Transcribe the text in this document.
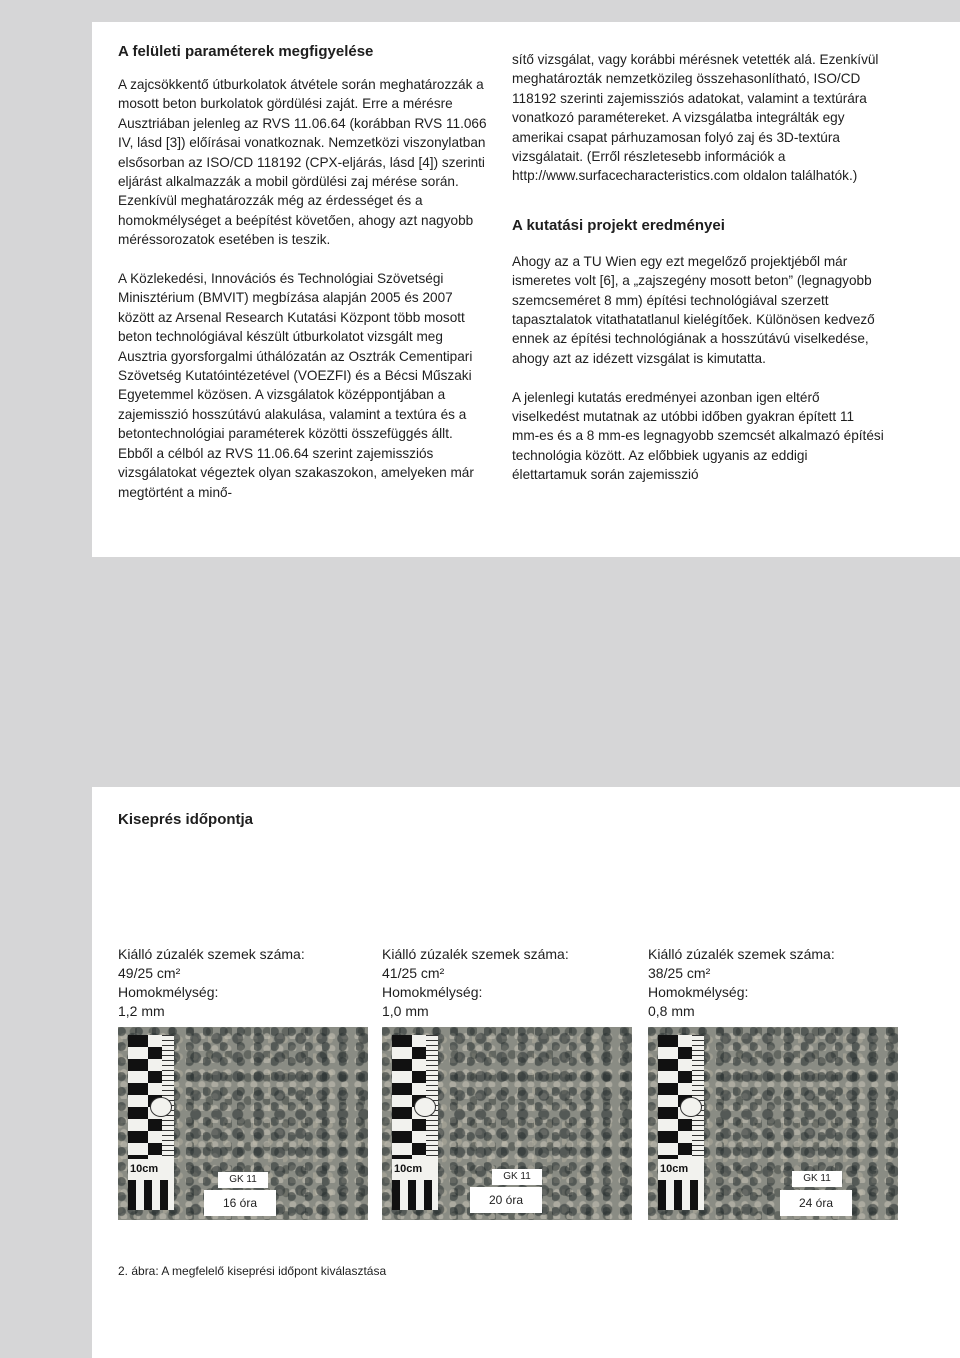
A felületi paraméterek megfigyelése

A zajcsökkentő útburkolatok átvétele során meghatározzák a mosott beton burkolatok gördülési zaját. Erre a mérésre Ausztriában jelenleg az RVS 11.06.64 (korábban RVS 11.066 IV, lásd [3]) előírásai vonatkoznak. Nemzetközi viszonylatban elsősorban az ISO/CD 118192 (CPX-eljárás, lásd [4]) szerinti eljárást alkalmazzák a mobil gördülési zaj mérése során. Ezenkívül meghatározzák még az érdességet és a homokmélységet a beépítést követően, ahogy azt nagyobb méréssorozatok esetében is teszik.

A Közlekedési, Innovációs és Technológiai Szövetségi Minisztérium (BMVIT) megbízása alapján 2005 és 2007 között az Arsenal Research Kutatási Központ több mosott beton technológiával készült útburkolatot vizsgált meg Ausztria gyorsforgalmi úthálózatán az Osztrák Cementipari Szövetség Kutatóintézetével (VOEZFI) és a Bécsi Műszaki Egyetemmel közösen. A vizsgálatok középpontjában a zajemisszió hosszútávú alakulása, valamint a textúra és a betontechnológiai paraméterek közötti összefüggés állt. Ebből a célból az RVS 11.06.64 szerint zajemissziós vizsgálatokat végeztek olyan szakaszokon, amelyeken már megtörtént a minő-

sítő vizsgálat, vagy korábbi mérésnek vetették alá. Ezenkívül meghatározták nemzetközileg összehasonlítható, ISO/CD 118192 szerinti zajemissziós adatokat, valamint a textúrára vonatkozó paramétereket. A vizsgálatba integrálták egy amerikai csapat párhuzamosan folyó zaj és 3D-textúra vizsgálatait. (Erről részletesebb információk a http://www.surfacecharacteristics.com oldalon találhatók.)

A kutatási projekt eredményei

Ahogy az a TU Wien egy ezt megelőző projektjéből már ismeretes volt [6], a „zajszegény mosott beton” (legnagyobb szemcseméret 8 mm) építési technológiával szerzett tapasztalatok vitathatatlanul kielégítőek. Különösen kedvező ennek az építési technológiának a hosszútávú viselkedése, ahogy azt az idézett vizsgálat is kimutatta.

A jelenlegi kutatás eredményei azonban igen eltérő viselkedést mutatnak az utóbbi időben gyakran épített 11 mm-es és a 8 mm-es legnagyobb szemcsét alkalmazó építési technológia között. Az előbbiek ugyanis az eddigi élettartamuk során zajemisszió

Kiseprés időpontja
Kiálló zúzalék szemek száma:
49/25 cm²
Homokmélység:
1,2 mm
10cm
GK 11
16 óra
Kiálló zúzalék szemek száma:
41/25 cm²
Homokmélység:
1,0 mm
10cm
GK 11
20 óra
Kiálló zúzalék szemek száma:
38/25 cm²
Homokmélység:
0,8 mm
10cm
GK 11
24 óra
2. ábra: A megfelelő kiseprési időpont kiválasztása
